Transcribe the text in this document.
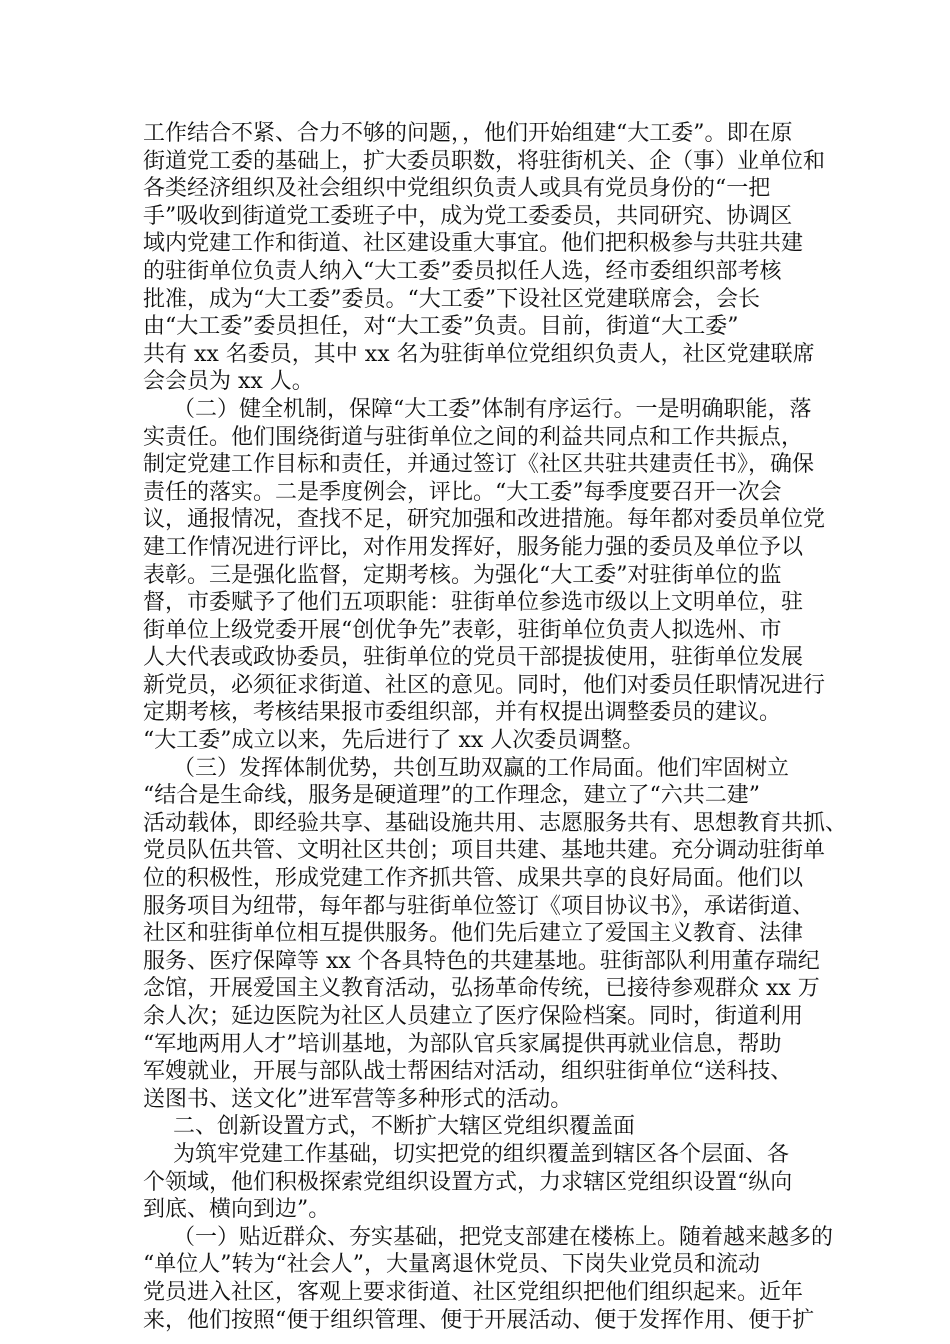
工作结合不紧、合力不够的问题，，他们开始组建“大工委”。即在原
街道党工委的基础上，扩大委员职数，将驻街机关、企（事）业单位和
各类经济组织及社会组织中党组织负责人或具有党员身份的“一把
手”吸收到街道党工委班子中，成为党工委委员，共同研究、协调区
域内党建工作和街道、社区建设重大事宜。他们把积极参与共驻共建
的驻街单位负责人纳入“大工委”委员拟任人选，经市委组织部考核
批准，成为“大工委”委员。“大工委”下设社区党建联席会，会长
由“大工委”委员担任，对“大工委”负责。目前，街道“大工委”
共有 xx 名委员，其中 xx 名为驻街单位党组织负责人，社区党建联席
会会员为 xx 人。
（二）健全机制，保障“大工委”体制有序运行。一是明确职能，落
实责任。他们围绕街道与驻街单位之间的利益共同点和工作共振点，
制定党建工作目标和责任，并通过签订《社区共驻共建责任书》，确保
责任的落实。二是季度例会，评比。“大工委”每季度要召开一次会
议，通报情况，查找不足，研究加强和改进措施。每年都对委员单位党
建工作情况进行评比，对作用发挥好，服务能力强的委员及单位予以
表彰。三是强化监督，定期考核。为强化“大工委”对驻街单位的监
督，市委赋予了他们五项职能：驻街单位参选市级以上文明单位，驻
街单位上级党委开展“创优争先”表彰，驻街单位负责人拟选州、市
人大代表或政协委员，驻街单位的党员干部提拔使用，驻街单位发展
新党员，必须征求街道、社区的意见。同时，他们对委员任职情况进行
定期考核，考核结果报市委组织部，并有权提出调整委员的建议。
“大工委”成立以来，先后进行了 xx 人次委员调整。
（三）发挥体制优势，共创互助双赢的工作局面。他们牢固树立
“结合是生命线，服务是硬道理”的工作理念，建立了“六共二建”
活动载体，即经验共享、基础设施共用、志愿服务共有、思想教育共抓、
党员队伍共管、文明社区共创；项目共建、基地共建。充分调动驻街单
位的积极性，形成党建工作齐抓共管、成果共享的良好局面。他们以
服务项目为纽带，每年都与驻街单位签订《项目协议书》，承诺街道、
社区和驻街单位相互提供服务。他们先后建立了爱国主义教育、法律
服务、医疗保障等 xx 个各具特色的共建基地。驻街部队利用董存瑞纪
念馆，开展爱国主义教育活动，弘扬革命传统，已接待参观群众 xx 万
余人次；延边医院为社区人员建立了医疗保险档案。同时，街道利用
“军地两用人才”培训基地，为部队官兵家属提供再就业信息，帮助
军嫂就业，开展与部队战士帮困结对活动，组织驻街单位“送科技、
送图书、送文化”进军营等多种形式的活动。
二、创新设置方式，不断扩大辖区党组织覆盖面
为筑牢党建工作基础，切实把党的组织覆盖到辖区各个层面、各
个领域，他们积极探索党组织设置方式，力求辖区党组织设置“纵向
到底、横向到边”。
（一）贴近群众、夯实基础，把党支部建在楼栋上。随着越来越多的
“单位人”转为“社会人”，大量离退休党员、下岗失业党员和流动
党员进入社区，客观上要求街道、社区党组织把他们组织起来。近年
来，他们按照“便于组织管理、便于开展活动、便于发挥作用、便于扩
